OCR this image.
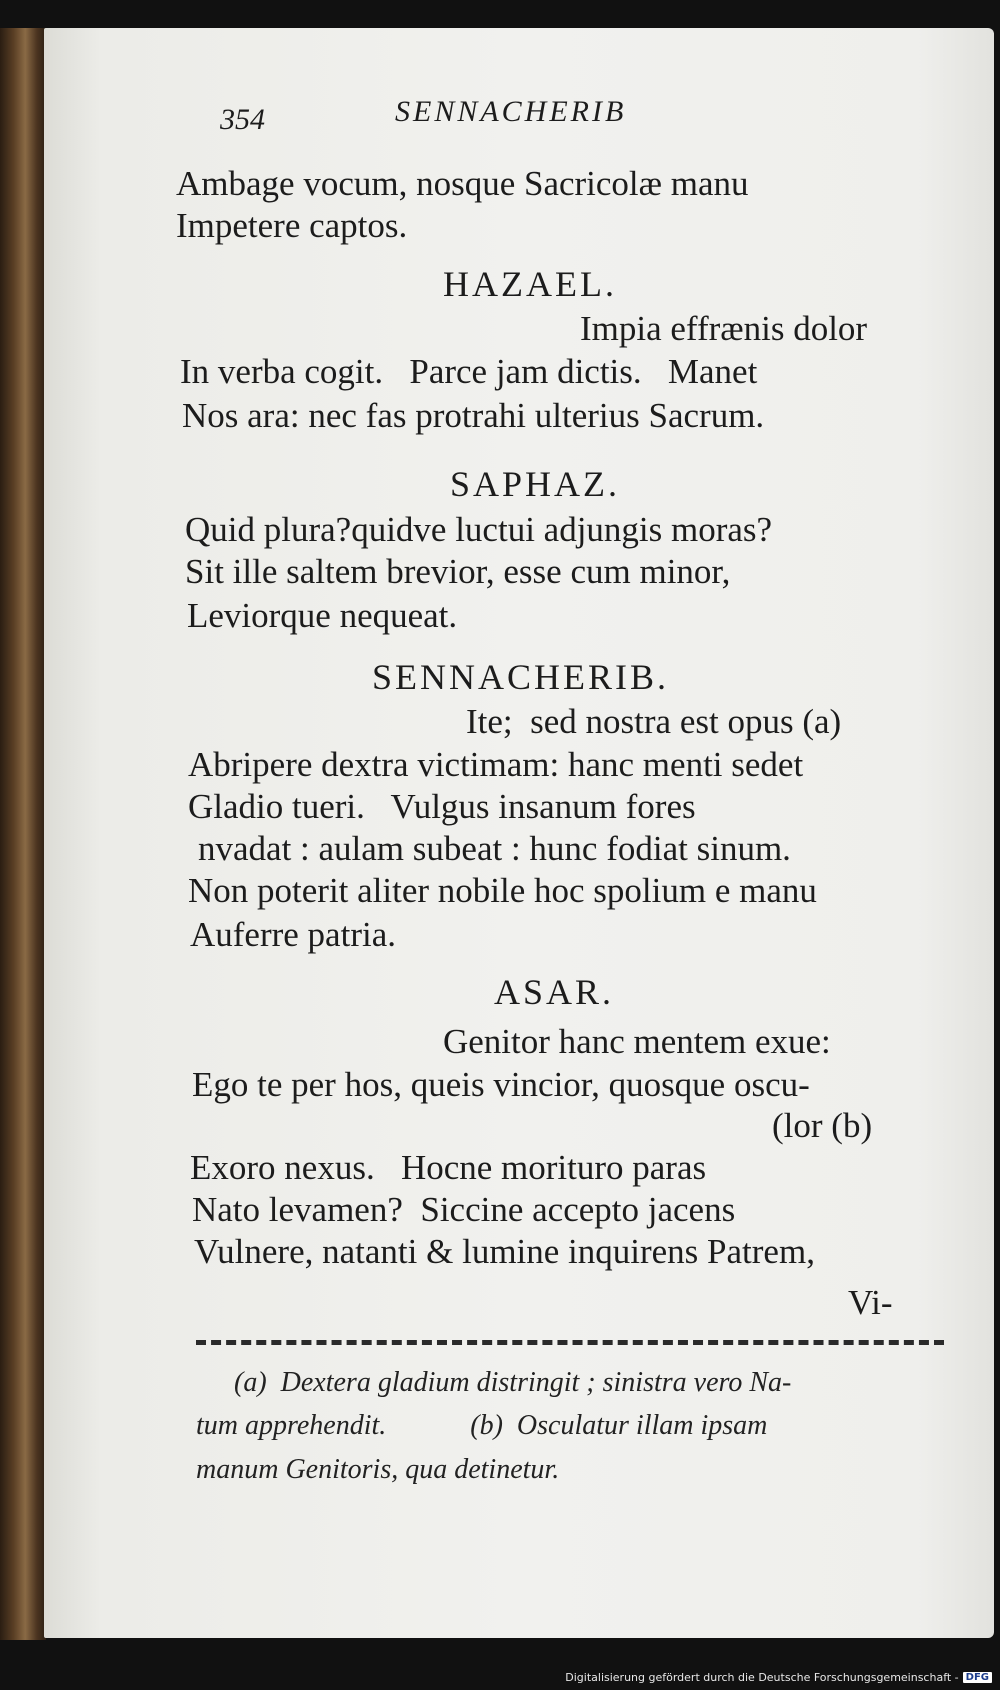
354	SENNACHERIB
Ambage vocum, nosque Sacricolæ manu
Impetere captos.
HAZAEL.
Impia effrænis dolor
In verba cogit.   Parce jam dictis.   Manet
Nos ara: nec fas protrahi ulterius Sacrum.
SAPHAZ.
Quid plura?quidve luctui adjungis moras?
Sit ille saltem brevior, esse cum minor,
Leviorque nequeat.
SENNACHERIB.
Ite;  sed nostra est opus (a)
Abripere dextra victimam: hanc menti sedet
Gladio tueri.   Vulgus insanum fores
nvadat : aulam subeat : hunc fodiat sinum.
Non poterit aliter nobile hoc spolium e manu
Auferre patria.
ASAR.
Genitor hanc mentem exue:
Ego te per hos, queis vincior, quosque oscu-
(lor (b)
Exoro nexus.   Hocne morituro paras
Nato levamen?  Siccine accepto jacens
Vulnere, natanti & lumine inquirens Patrem,
Vi-
(a)  Dextera gladium distringit ; sinistra vero Na-
tum apprehendit.            (b)  Osculatur illam ipsam
manum Genitoris, qua detinetur.
Digitalisierung gefördert durch die Deutsche Forschungsgemeinschaft - DFG
